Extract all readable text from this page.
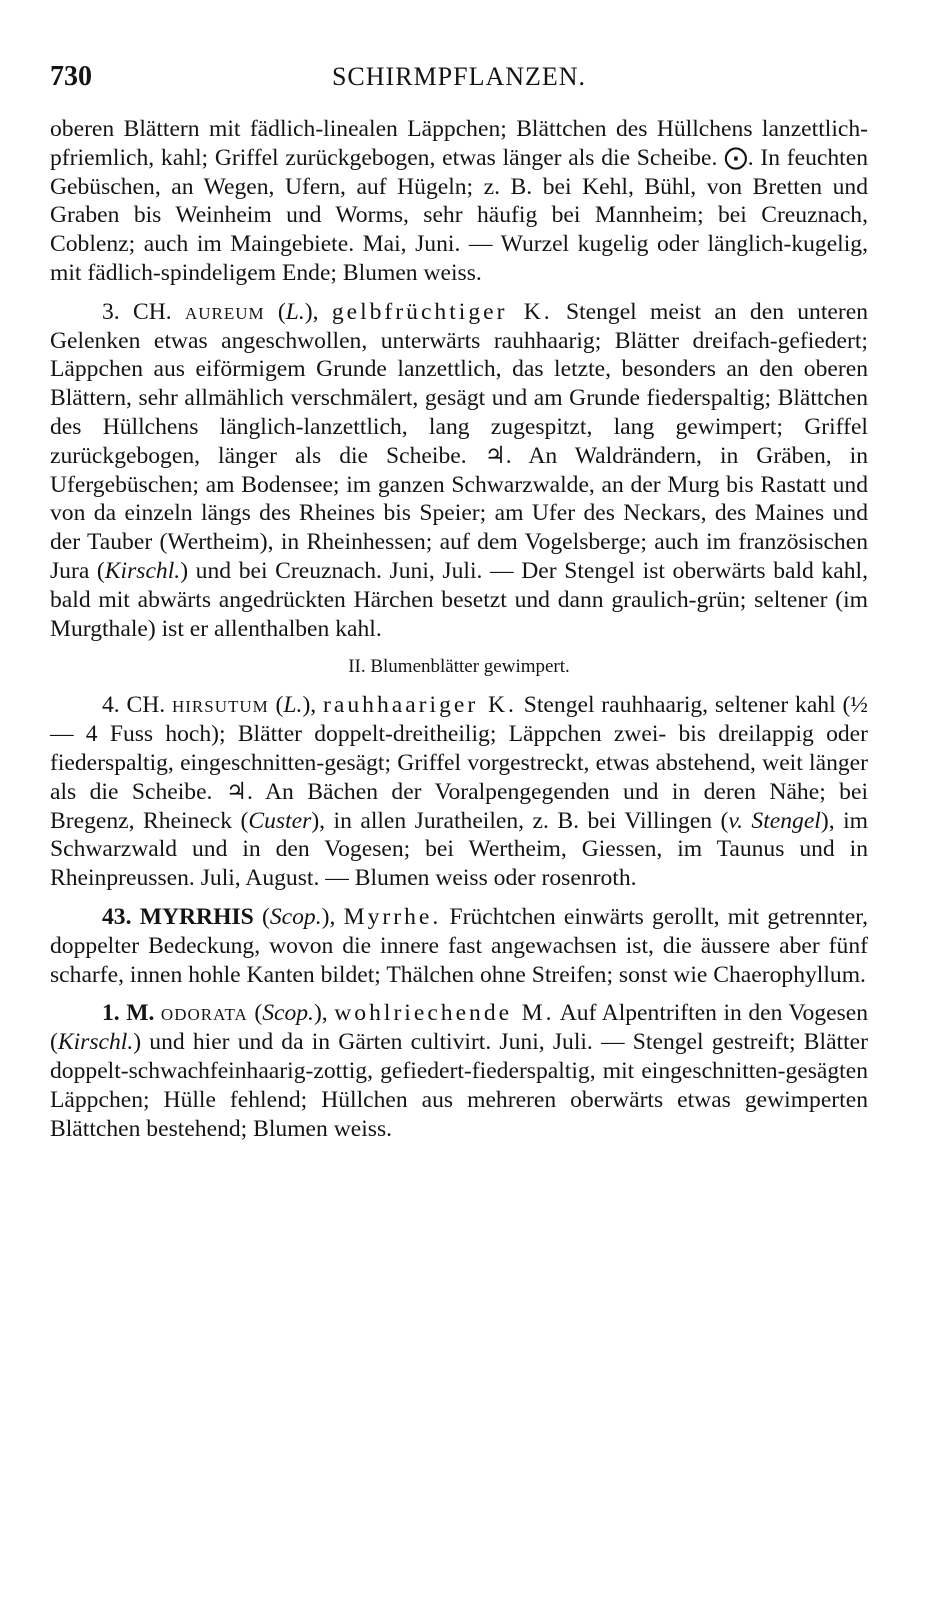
730	SCHIRMPFLANZEN.

oberen Blättern mit fädlich-linealen Läppchen; Blättchen des Hüllchens lanzettlich-pfriemlich, kahl; Griffel zurückgebogen, etwas länger als die Scheibe. ⨀. In feuchten Gebüschen, an Wegen, Ufern, auf Hügeln; z. B. bei Kehl, Bühl, von Bretten und Graben bis Weinheim und Worms, sehr häufig bei Mannheim; bei Creuznach, Coblenz; auch im Maingebiete. Mai, Juni. — Wurzel kugelig oder länglich-kugelig, mit fädlich-spindeligem Ende; Blumen weiss.

3. CH. aureum (L.), gelbfrüchtiger K. Stengel meist an den unteren Gelenken etwas angeschwollen, unterwärts rauhhaarig; Blätter dreifach-gefiedert; Läppchen aus eiförmigem Grunde lanzettlich, das letzte, besonders an den oberen Blättern, sehr allmählich verschmälert, gesägt und am Grunde fiederspaltig; Blättchen des Hüllchens länglich-lanzettlich, lang zugespitzt, lang gewimpert; Griffel zurückgebogen, länger als die Scheibe. ♃. An Waldrändern, in Gräben, in Ufergebüschen; am Bodensee; im ganzen Schwarzwalde, an der Murg bis Rastatt und von da einzeln längs des Rheines bis Speier; am Ufer des Neckars, des Maines und der Tauber (Wertheim), in Rheinhessen; auf dem Vogelsberge; auch im französischen Jura (Kirschl.) und bei Creuznach. Juni, Juli. — Der Stengel ist oberwärts bald kahl, bald mit abwärts angedrückten Härchen besetzt und dann graulich-grün; seltener (im Murgthale) ist er allenthalben kahl.

II. Blumenblätter gewimpert.

4. CH. hirsutum (L.), rauhhaariger K. Stengel rauhhaarig, seltener kahl (½ — 4 Fuss hoch); Blätter doppelt-dreitheilig; Läppchen zwei- bis dreilappig oder fiederspaltig, eingeschnitten-gesägt; Griffel vorgestreckt, etwas abstehend, weit länger als die Scheibe. ♃. An Bächen der Voralpengegenden und in deren Nähe; bei Bregenz, Rheineck (Custer), in allen Juratheilen, z. B. bei Villingen (v. Stengel), im Schwarzwald und in den Vogesen; bei Wertheim, Giessen, im Taunus und in Rheinpreussen. Juli, August. — Blumen weiss oder rosenroth.

43. MYRRHIS (Scop.), Myrrhe. Früchtchen einwärts gerollt, mit getrennter, doppelter Bedeckung, wovon die innere fast angewachsen ist, die äussere aber fünf scharfe, innen hohle Kanten bildet; Thälchen ohne Streifen; sonst wie Chaerophyllum.

1. M. odorata (Scop.), wohlriechende M. Auf Alpentriften in den Vogesen (Kirschl.) und hier und da in Gärten cultivirt. Juni, Juli. — Stengel gestreift; Blätter doppelt-schwachfeinhaarig-zottig, gefiedert-fiederspaltig, mit eingeschnitten-gesägten Läppchen; Hülle fehlend; Hüllchen aus mehreren oberwärts etwas gewimperten Blättchen bestehend; Blumen weiss.
